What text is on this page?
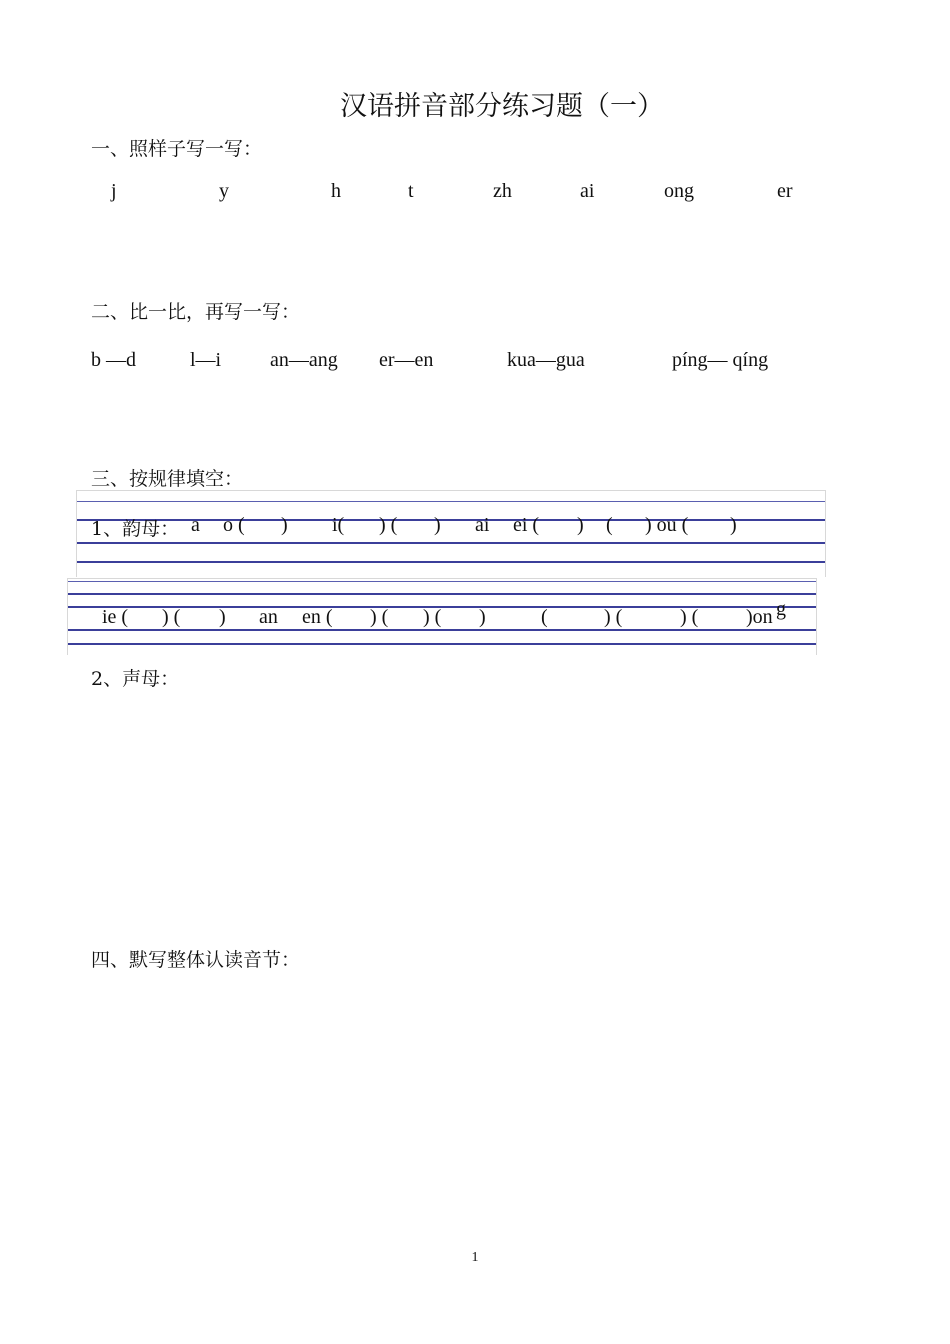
汉语拼音部分练习题（一）
一、照样子写一写：
j	y	h	t	zh	ai	ong	er
二、比一比，再写一写：
b —d	l—i an—ang er—en	kua—gua	píng— qíng
三、按规律填空：
1、韵母： a o ( ) i( ) ( ) ai ei ( ) ( ) ou ( )
ie ( ) ( ) an en ( ) ( ) ( )	(	) (	) ( )on g
2、声母：
四、默写整体认读音节：
1
